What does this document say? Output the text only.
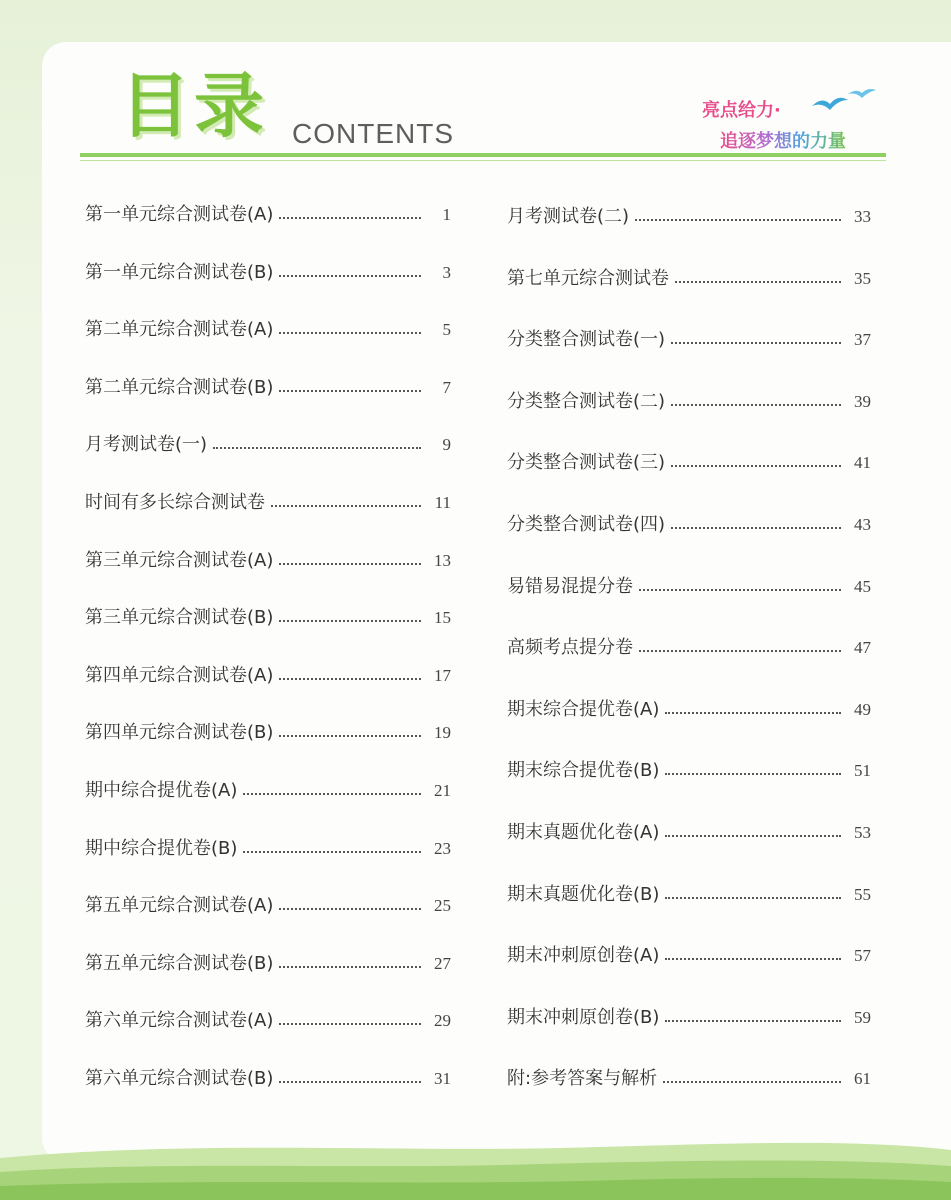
目录 CONTENTS
亮点给力·
追逐梦想的力量
第一单元综合测试卷(A)	1
第一单元综合测试卷(B)	3
第二单元综合测试卷(A)	5
第二单元综合测试卷(B)	7
月考测试卷(一)	9
时间有多长综合测试卷	11
第三单元综合测试卷(A)	13
第三单元综合测试卷(B)	15
第四单元综合测试卷(A)	17
第四单元综合测试卷(B)	19
期中综合提优卷(A)	21
期中综合提优卷(B)	23
第五单元综合测试卷(A)	25
第五单元综合测试卷(B)	27
第六单元综合测试卷(A)	29
第六单元综合测试卷(B)	31
月考测试卷(二)	33
第七单元综合测试卷	35
分类整合测试卷(一)	37
分类整合测试卷(二)	39
分类整合测试卷(三)	41
分类整合测试卷(四)	43
易错易混提分卷	45
高频考点提分卷	47
期末综合提优卷(A)	49
期末综合提优卷(B)	51
期末真题优化卷(A)	53
期末真题优化卷(B)	55
期末冲刺原创卷(A)	57
期末冲刺原创卷(B)	59
附:参考答案与解析	61
